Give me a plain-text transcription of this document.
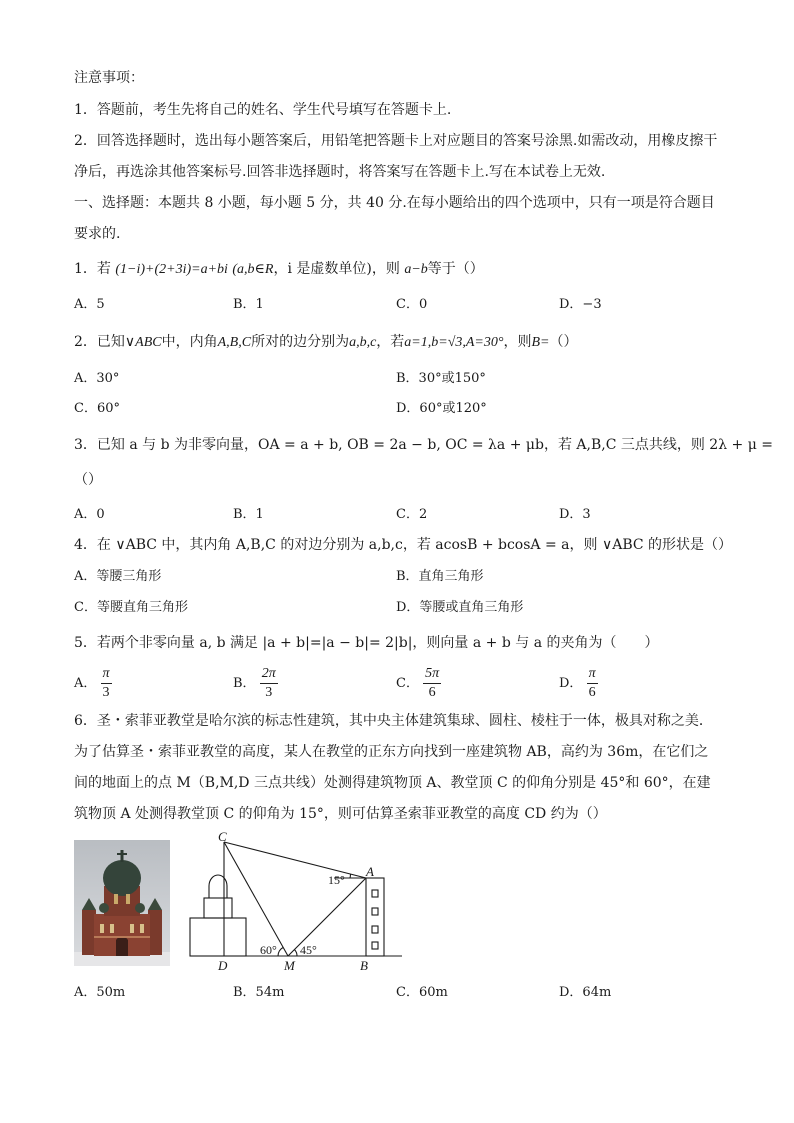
注意事项：
1．答题前，考生先将自己的姓名、学生代号填写在答题卡上.
2．回答选择题时，选出每小题答案后，用铅笔把答题卡上对应题目的答案号涂黑.如需改动，用橡皮擦干净后，再选涂其他答案标号.回答非选择题时，将答案写在答题卡上.写在本试卷上无效.
一、选择题：本题共 8 小题，每小题 5 分，共 40 分.在每小题给出的四个选项中，只有一项是符合题目要求的.
1．若 (1−i)+(2+3i)=a+bi (a,b∈R，i 是虚数单位)，则 a−b等于（）
A．5	B．1	C．0	D．−3
2．已知∨ABC中，内角A,B,C所对的边分别为a,b,c，若a=1,b=√3,A=30°，则B=（）
A．30°	B．30°或150°
C．60°	D．60°或120°
3．已知 a 与 b 为非零向量，OA = a + b, OB = 2a − b, OC = λa + μb，若 A,B,C 三点共线，则 2λ + μ =
（）
A．0	B．1	C．2	D．3
4．在 ∨ABC 中，其内角 A,B,C 的对边分别为 a,b,c，若 acosB + bcosA = a，则 ∨ABC 的形状是（）
A．等腰三角形	B．直角三角形
C．等腰直角三角形	D．等腰或直角三角形
5．若两个非零向量 a, b 满足 |a + b|=|a − b|= 2|b|，则向量 a + b 与 a 的夹角为（　　）
A． $\frac{\pi}{3}$	B． $\frac{2\pi}{3}$	C． $\frac{5\pi}{6}$	D． $\frac{\pi}{6}$
6．圣・索菲亚教堂是哈尔滨的标志性建筑，其中央主体建筑集球、圆柱、棱柱于一体，极具对称之美．为了估算圣・索菲亚教堂的高度，某人在教堂的正东方向找到一座建筑物 AB，高约为 36m，在它们之间的地面上的点 M（B,M,D 三点共线）处测得建筑物顶 A、教堂顶 C 的仰角分别是 45°和 60°，在建筑物顶 A 处测得教堂顶 C 的仰角为 15°，则可估算圣索菲亚教堂的高度 CD 约为（）
C
A
D	M	B
15°
60° 45°
A．50m	B．54m	C．60m	D．64m
